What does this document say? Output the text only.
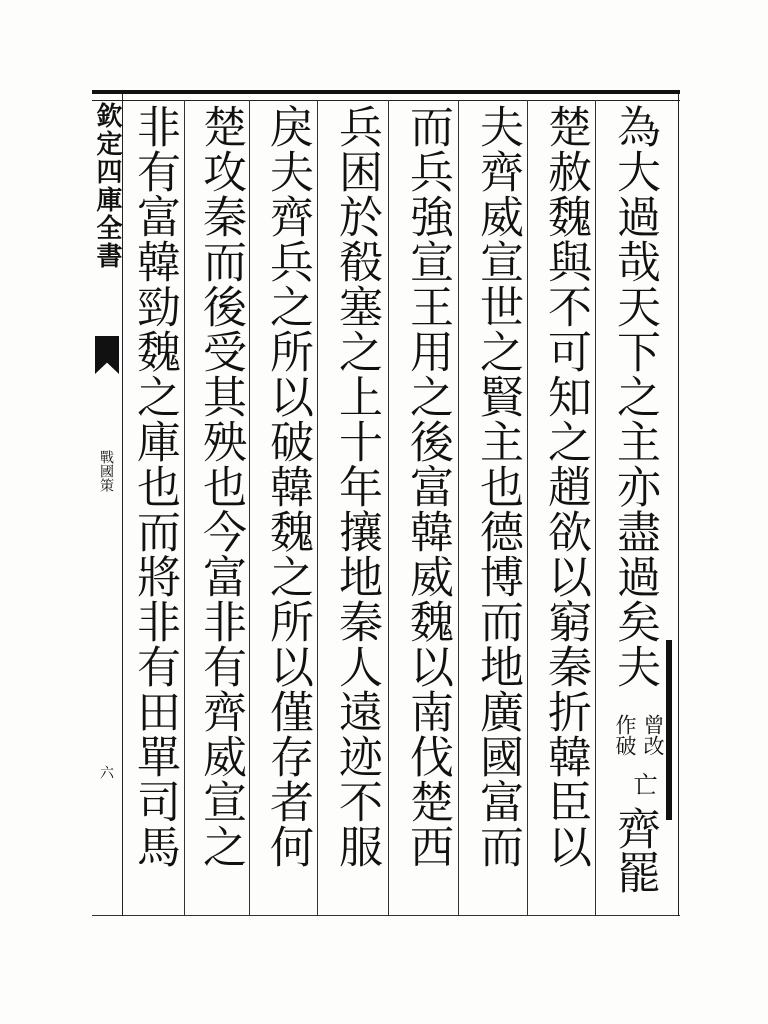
欽定四庫全書
戰國策
六
為大過哉天下之主亦盡過矣夫
曾改
作破
亡
齊罷
楚赦魏與不可知之趙欲以窮秦折韓臣以
夫齊威宣世之賢主也德博而地廣國富而
而兵強宣王用之後富韓威魏以南伐楚西
兵困於殽塞之上十年攘地秦人遠迹不服
戾夫齊兵之所以破韓魏之所以僅存者何
楚攻秦而後受其殃也今富非有齊威宣之
非有富韓勁魏之庫也而將非有田單司馬
